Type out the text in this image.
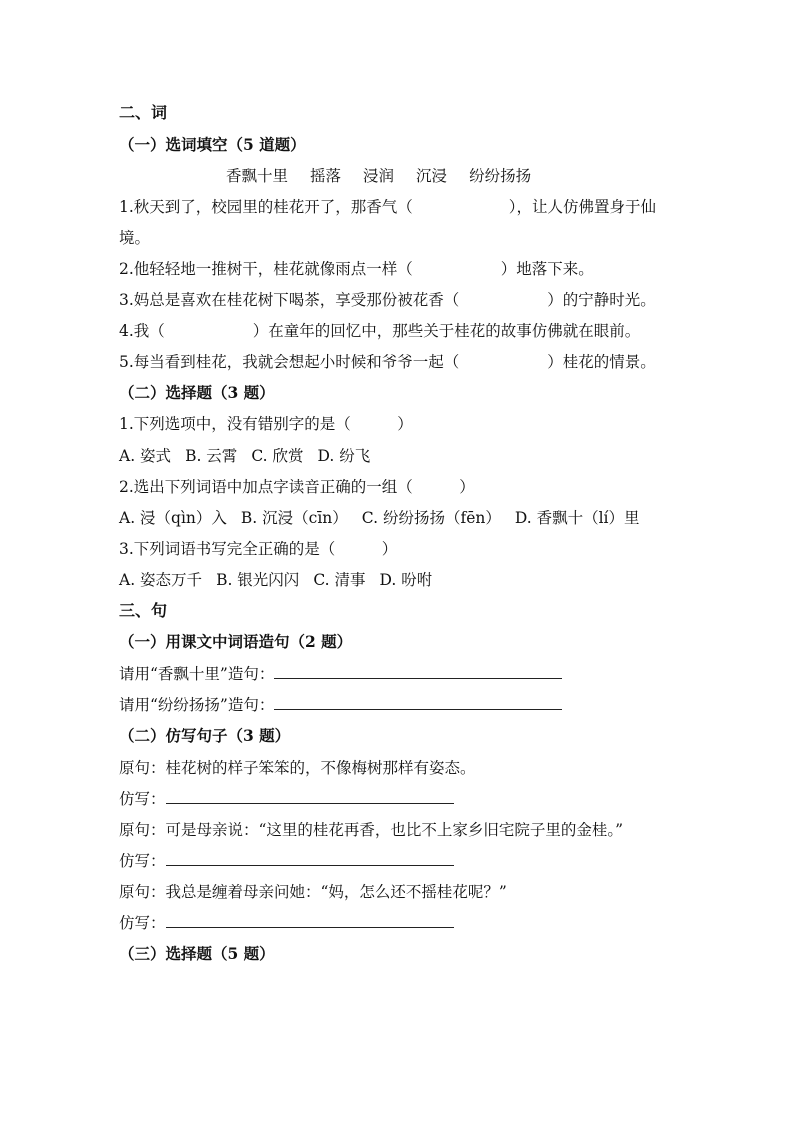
二、词
（一）选词填空（5 道题）
香飘十里 摇落 浸润 沉浸 纷纷扬扬
1.秋天到了，校园里的桂花开了，那香气（	），让人仿佛置身于仙
境。
2.他轻轻地一推树干，桂花就像雨点一样（	）地落下来。
3.妈总是喜欢在桂花树下喝茶，享受那份被花香（	）的宁静时光。
4.我（	）在童年的回忆中，那些关于桂花的故事仿佛就在眼前。
5.每当看到桂花，我就会想起小时候和爷爷一起（	）桂花的情景。
（二）选择题（3 题）
1.下列选项中，没有错别字的是（　　　）
A. 姿式 B. 云霄 C. 欣赏 D. 纷飞
2.选出下列词语中加点字读音正确的一组（　　　）
A. 浸（qìn）入 B. 沉浸（cīn） C. 纷纷扬扬（fēn） D. 香飘十（lí）里
3.下列词语书写完全正确的是（　　　）
A. 姿态万千 B. 银光闪闪 C. 清事 D. 吩咐
三、句
（一）用课文中词语造句（2 题）
请用“香飘十里”造句：
请用“纷纷扬扬”造句：
（二）仿写句子（3 题）
原句：桂花树的样子笨笨的，不像梅树那样有姿态。
仿写：
原句：可是母亲说：“这里的桂花再香，也比不上家乡旧宅院子里的金桂。”
仿写：
原句：我总是缠着母亲问她：“妈，怎么还不摇桂花呢？”
仿写：
（三）选择题（5 题）
